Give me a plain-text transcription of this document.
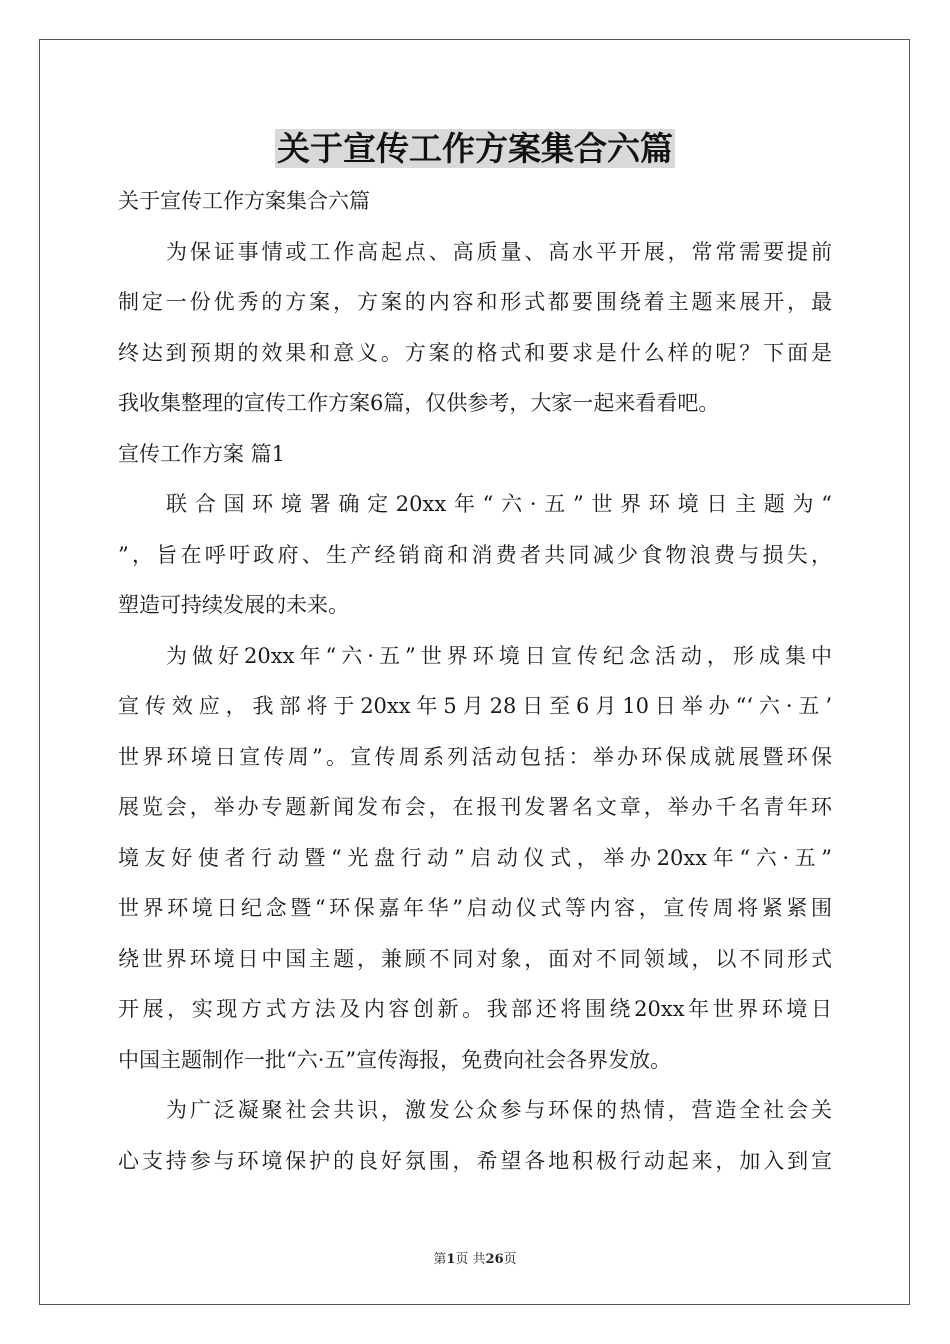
关于宣传工作方案集合六篇
关于宣传工作方案集合六篇
为保证事情或工作高起点、高质量、高水平开展，常常需要提前
制定一份优秀的方案，方案的内容和形式都要围绕着主题来展开，最
终达到预期的效果和意义。方案的格式和要求是什么样的呢？下面是
我收集整理的宣传工作方案6篇，仅供参考，大家一起来看看吧。
宣传工作方案 篇1
联合国环境署确定20xx年“六·五”世界环境日主题为“
”，旨在呼吁政府、生产经销商和消费者共同减少食物浪费与损失，
塑造可持续发展的未来。
为做好20xx年“六·五”世界环境日宣传纪念活动，形成集中
宣传效应，我部将于20xx年5月28日至6月10日举办“‘六·五’
世界环境日宣传周”。宣传周系列活动包括：举办环保成就展暨环保
展览会，举办专题新闻发布会，在报刊发署名文章，举办千名青年环
境友好使者行动暨“光盘行动”启动仪式，举办20xx年“六·五”
世界环境日纪念暨“环保嘉年华”启动仪式等内容，宣传周将紧紧围
绕世界环境日中国主题，兼顾不同对象，面对不同领域，以不同形式
开展，实现方式方法及内容创新。我部还将围绕20xx年世界环境日
中国主题制作一批“六·五”宣传海报，免费向社会各界发放。
为广泛凝聚社会共识，激发公众参与环保的热情，营造全社会关
心支持参与环境保护的良好氛围，希望各地积极行动起来，加入到宣
第1页 共26页
